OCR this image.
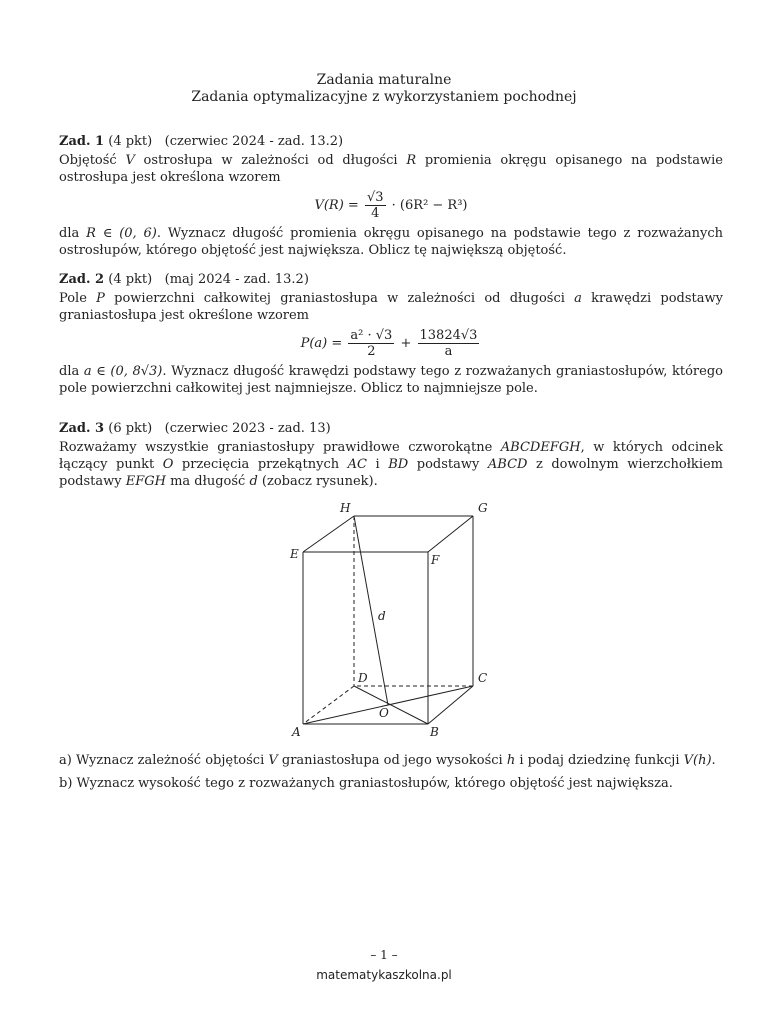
Zadania maturalne
Zadania optymalizacyjne z wykorzystaniem pochodnej

Zad. 1 (4 pkt) (czerwiec 2024 - zad. 13.2)

Objętość V ostrosłupa w zależności od długości R promienia okręgu opisanego na podstawie ostrosłupa jest określona wzorem

$V(R) = \frac{√3}{4} \cdot (6R^2 - R^3)$

dla R ∈ (0, 6). Wyznacz długość promienia okręgu opisanego na podstawie tego z rozważanych ostrosłupów, którego objętość jest największa. Oblicz tę największą objętość.

Zad. 2 (4 pkt) (maj 2024 - zad. 13.2)

Pole P powierzchni całkowitej graniastosłupa w zależności od długości a krawędzi podstawy graniastosłupa jest określone wzorem

$P(a) = \frac{\text{a² · √3}}{2} + \frac{13824√3}{a}$

dla a ∈ (0, 8√3). Wyznacz długość krawędzi podstawy tego z rozważanych graniastosłupów, którego pole powierzchni całkowitej jest najmniejsze. Oblicz to najmniejsze pole.

Zad. 3 (6 pkt) (czerwiec 2023 - zad. 13)

Rozważamy wszystkie graniastosłupy prawidłowe czworokątne ABCDEFGH, w których odcinek łączący punkt O przecięcia przekątnych AC i BD podstawy ABCD z dowolnym wierzchołkiem podstawy EFGH ma długość d (zobacz rysunek).

H	G
E	F
d
D	C
O
A	B

a) Wyznacz zależność objętości V graniastosłupa od jego wysokości h i podaj dziedzinę funkcji V(h).

b) Wyznacz wysokość tego z rozważanych graniastosłupów, którego objętość jest największa.

– 1 –
matematykaszkolna.pl
